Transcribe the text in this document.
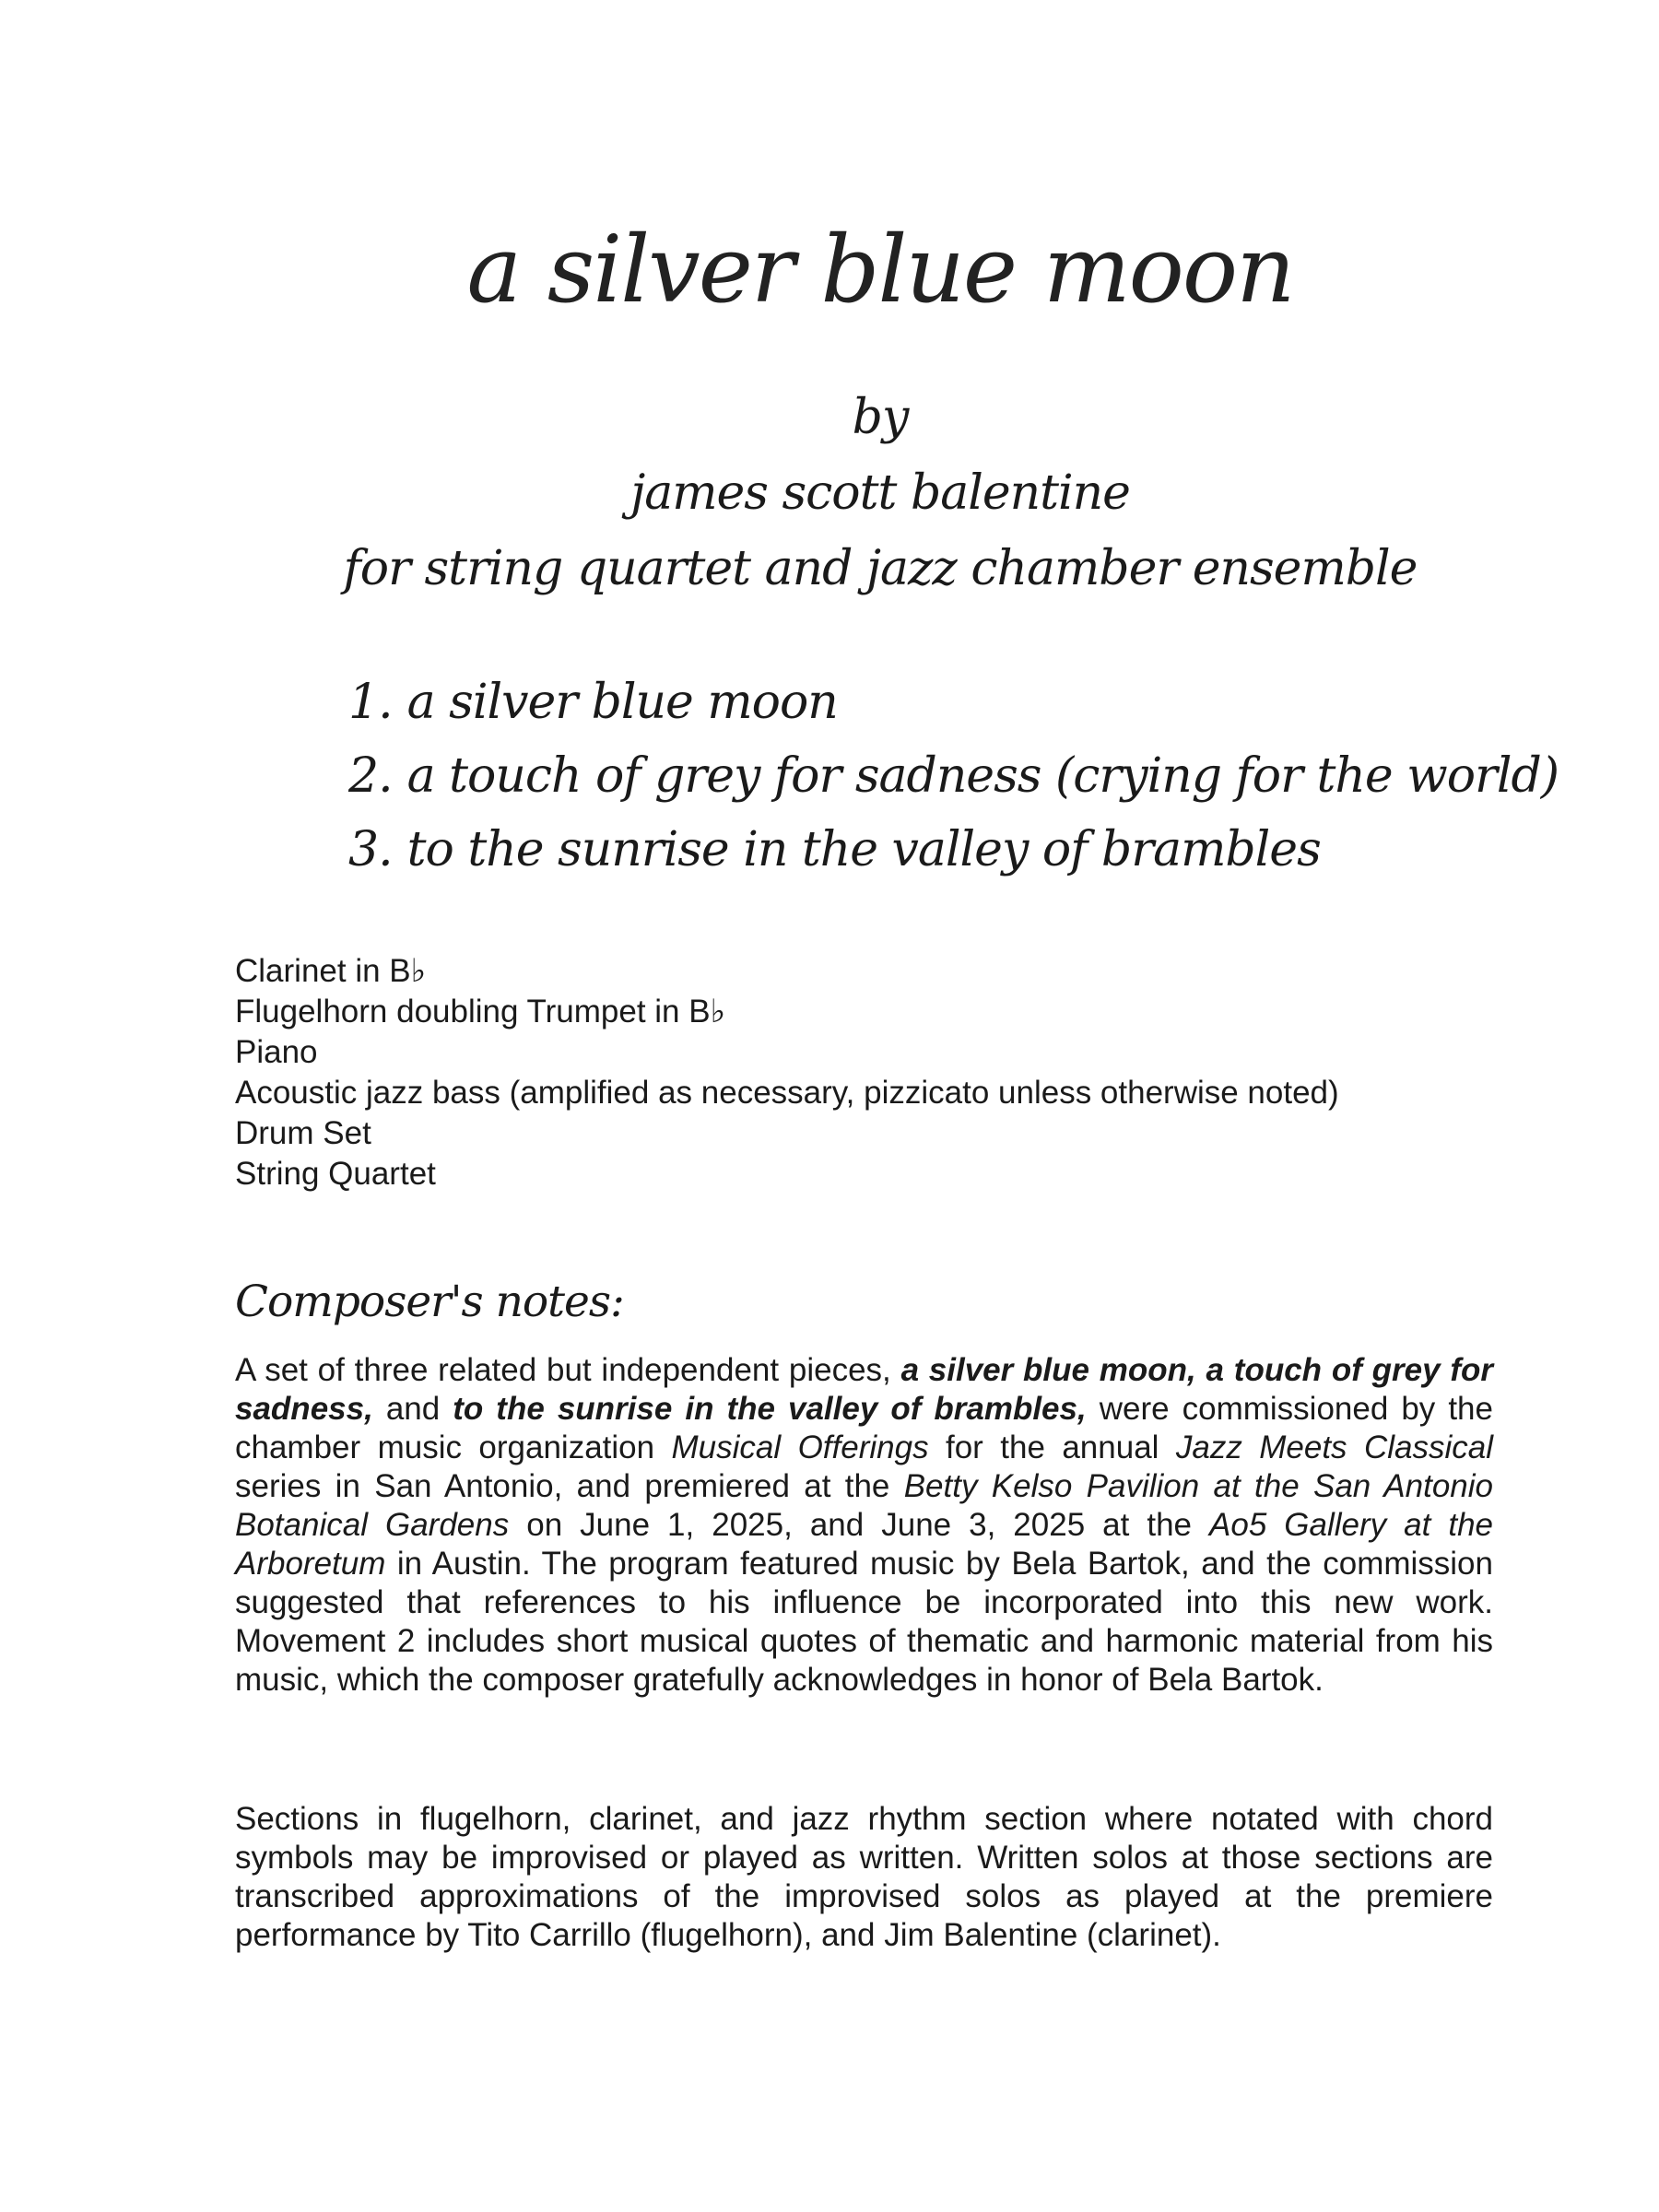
a silver blue moon
by
james scott balentine
for string quartet and jazz chamber ensemble
1. a silver blue moon
2. a touch of grey for sadness (crying for the world)
3. to the sunrise in the valley of brambles
Clarinet in B♭
Flugelhorn doubling Trumpet in B♭
Piano
Acoustic jazz bass (amplified as necessary, pizzicato unless otherwise noted)
Drum Set
String Quartet
Composer's notes:
A set of three related but independent pieces, a silver blue moon, a touch of grey for sadness, and to the sunrise in the valley of brambles, were commissioned by the chamber music organization Musical Offerings for the annual Jazz Meets Classical series in San Antonio, and premiered at the Betty Kelso Pavilion at the San Antonio Botanical Gardens on June 1, 2025, and June 3, 2025 at the Ao5 Gallery at the Arboretum in Austin. The program featured music by Bela Bartok, and the commission suggested that references to his influence be incorporated into this new work. Movement 2 includes short musical quotes of thematic and harmonic material from his music, which the composer gratefully acknowledges in honor of Bela Bartok.
Sections in flugelhorn, clarinet, and jazz rhythm section where notated with chord symbols may be improvised or played as written. Written solos at those sections are transcribed approximations of the improvised solos as played at the premiere performance by Tito Carrillo (flugelhorn), and Jim Balentine (clarinet).
